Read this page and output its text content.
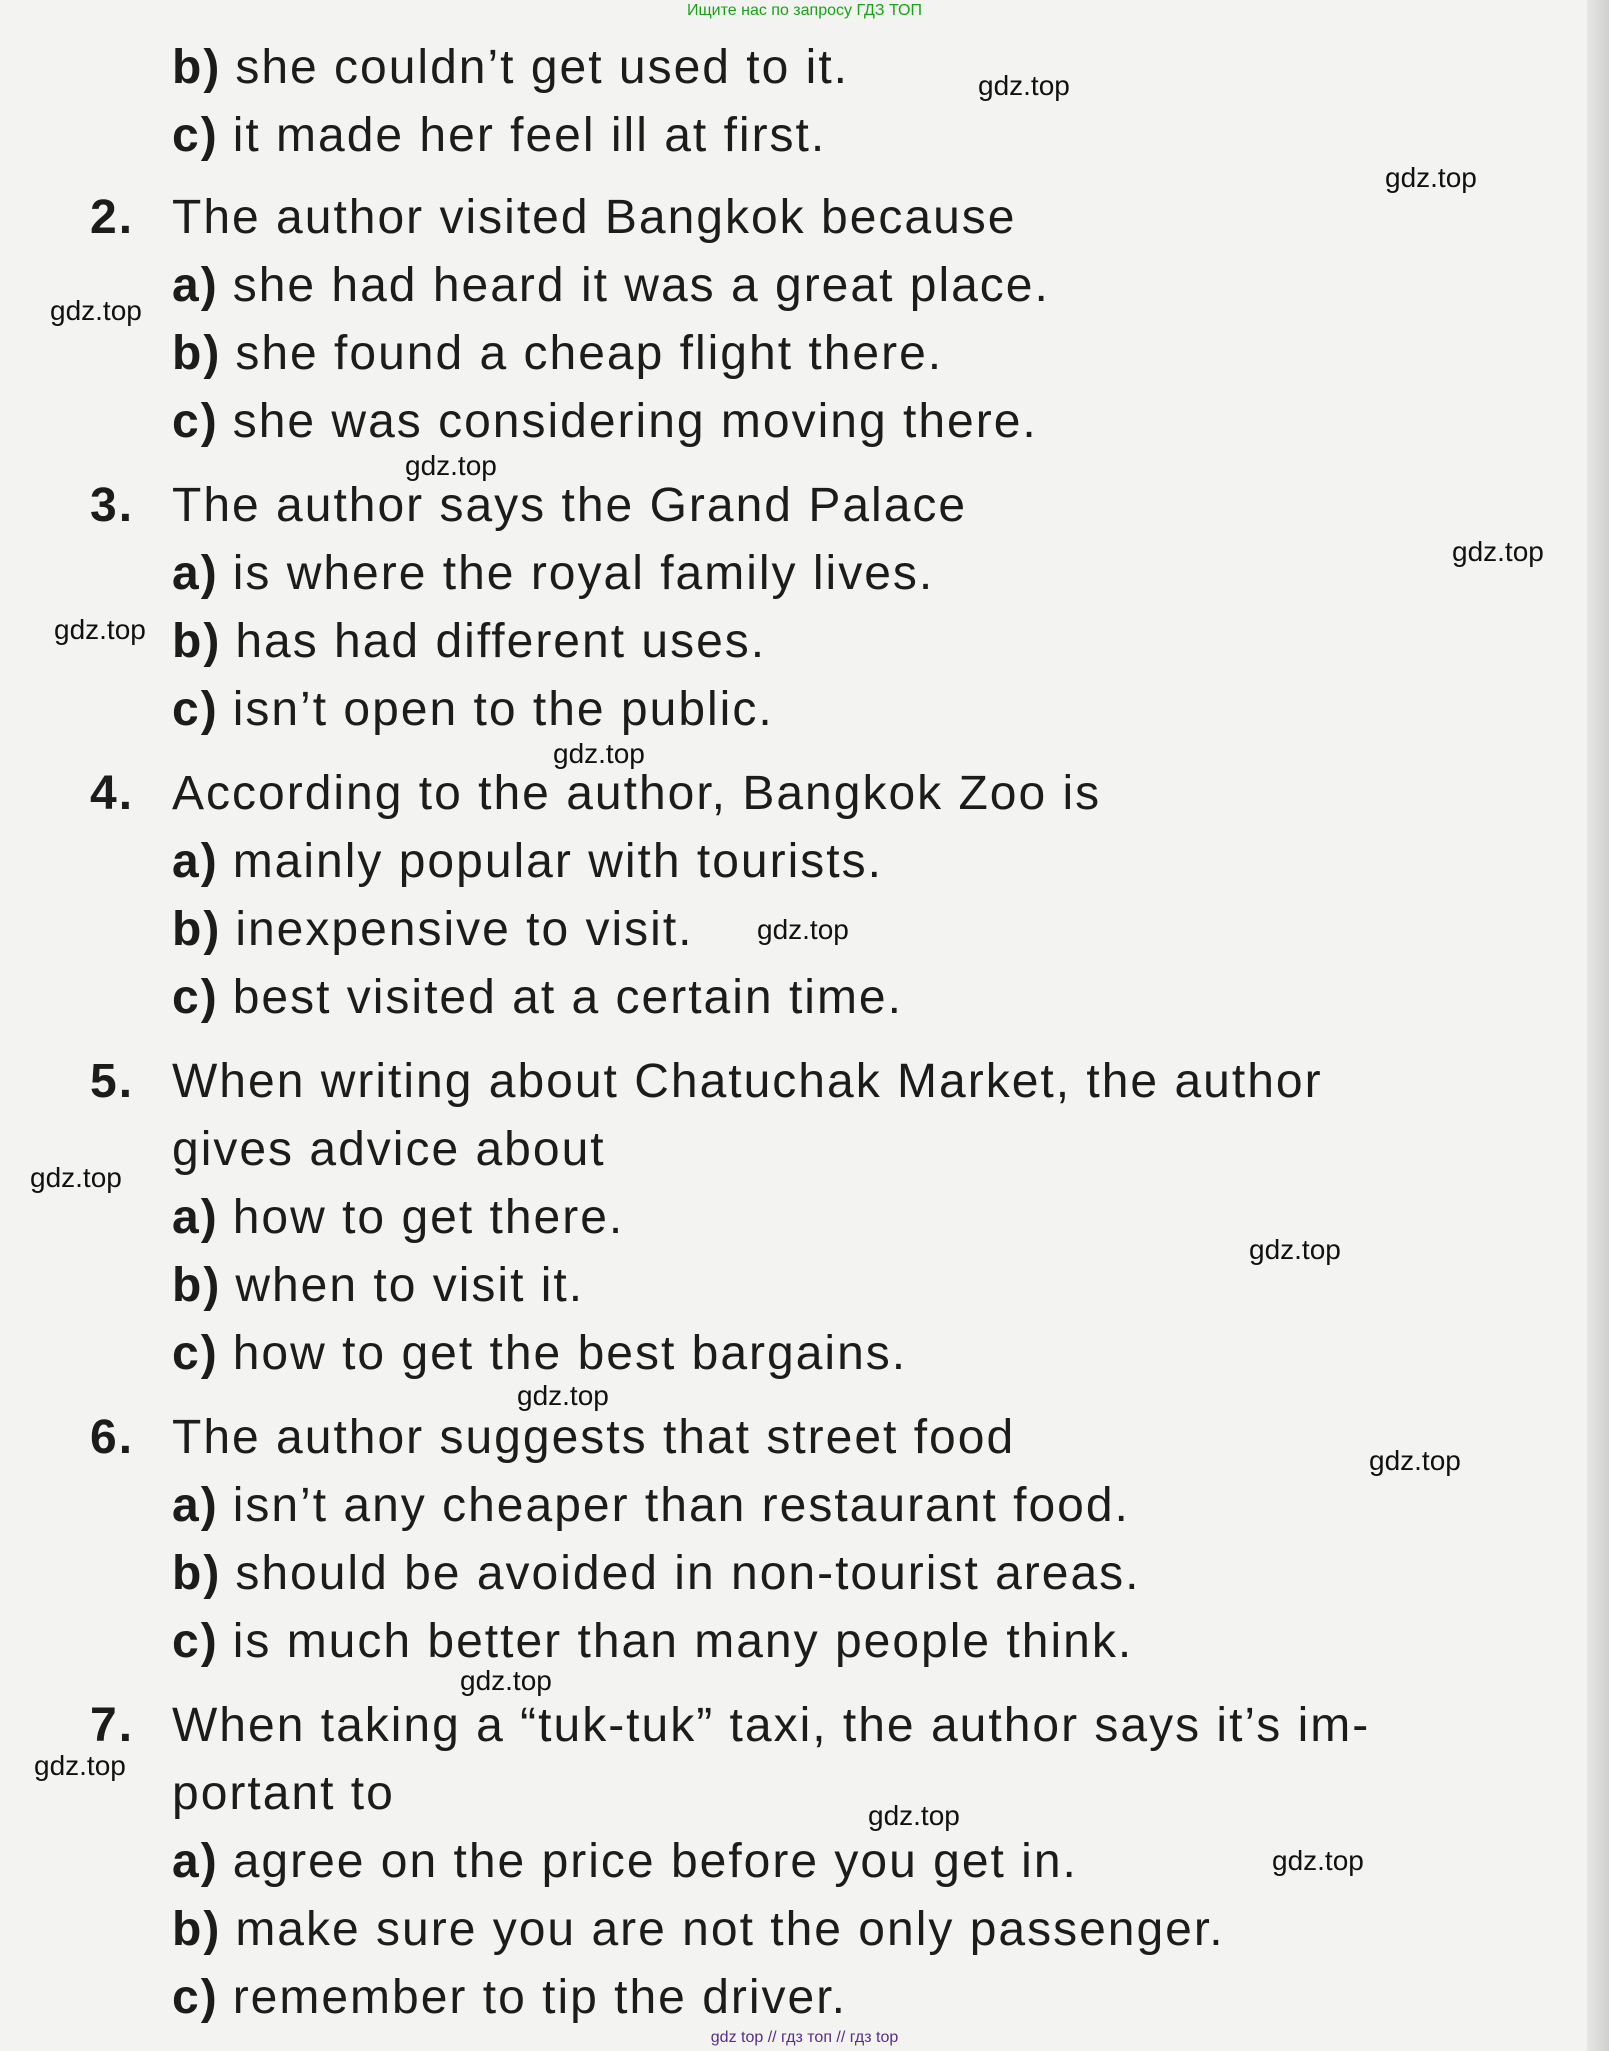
Ищите нас по запросу ГДЗ ТОП
b) she couldn’t get used to it.
c) it made her feel ill at first.
2. The author visited Bangkok because
a) she had heard it was a great place.
b) she found a cheap flight there.
c) she was considering moving there.
3. The author says the Grand Palace
a) is where the royal family lives.
b) has had different uses.
c) isn’t open to the public.
4. According to the author, Bangkok Zoo is
a) mainly popular with tourists.
b) inexpensive to visit.
c) best visited at a certain time.
5. When writing about Chatuchak Market, the author
gives advice about
a) how to get there.
b) when to visit it.
c) how to get the best bargains.
6. The author suggests that street food
a) isn’t any cheaper than restaurant food.
b) should be avoided in non-tourist areas.
c) is much better than many people think.
7. When taking a “tuk-tuk” taxi, the author says it’s im-
portant to
a) agree on the price before you get in.
b) make sure you are not the only passenger.
c) remember to tip the driver.
gdz.top
gdz.top
gdz.top
gdz.top
gdz.top
gdz.top
gdz.top
gdz.top
gdz.top
gdz.top
gdz.top
gdz.top
gdz.top
gdz.top
gdz.top
gdz.top
gdz top // гдз топ // гдз top
